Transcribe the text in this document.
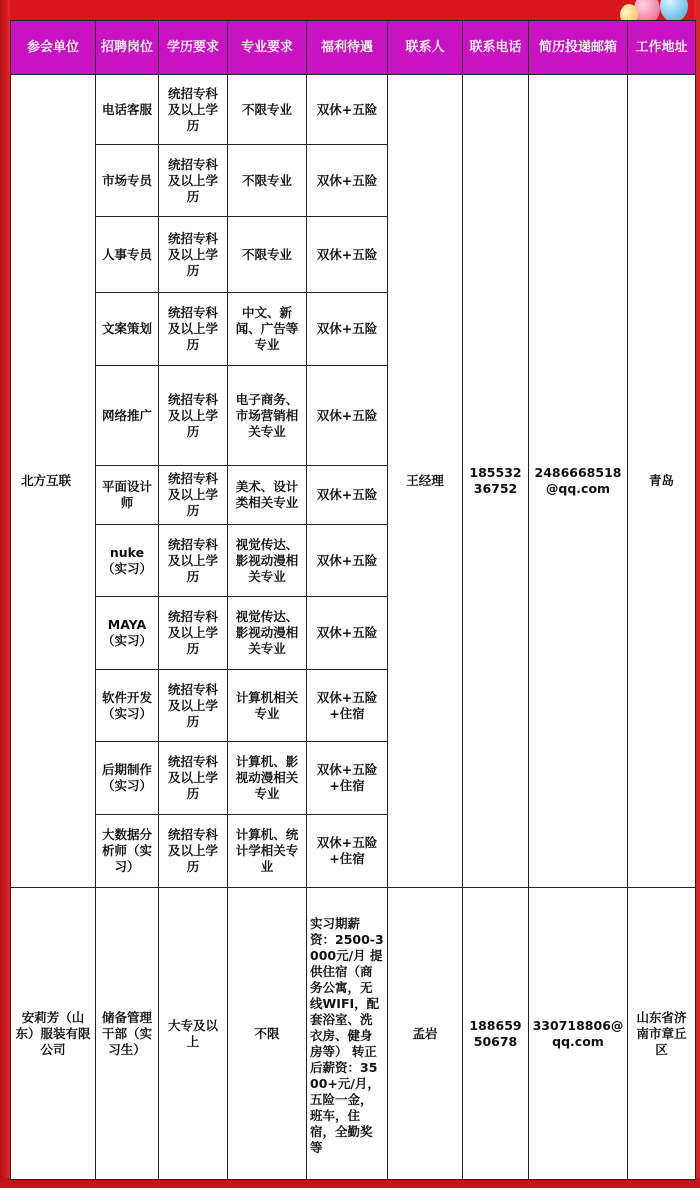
参会单位	招聘岗位	学历要求	专业要求	福利待遇	联系人	联系电话	简历投递邮箱	工作地址
北方互联	电话客服	统招专科及以上学历	不限专业	双休+五险	王经理	18553236752	2486668518@qq.com	青岛
	市场专员	统招专科及以上学历	不限专业	双休+五险				
	人事专员	统招专科及以上学历	不限专业	双休+五险				
	文案策划	统招专科及以上学历	中文、新闻、广告等专业	双休+五险				
	网络推广	统招专科及以上学历	电子商务、市场营销相关专业	双休+五险				
	平面设计师	统招专科及以上学历	美术、设计类相关专业	双休+五险				
	nuke（实习）	统招专科及以上学历	视觉传达、影视动漫相关专业	双休+五险				
	MAYA（实习）	统招专科及以上学历	视觉传达、影视动漫相关专业	双休+五险				
	软件开发（实习）	统招专科及以上学历	计算机相关专业	双休+五险+住宿				
	后期制作（实习）	统招专科及以上学历	计算机、影视动漫相关专业	双休+五险+住宿				
	大数据分析师（实习）	统招专科及以上学历	计算机、统计学相关专业	双休+五险+住宿				
安莉芳（山东）服装有限公司	储备管理干部（实习生）	大专及以上	不限	实习期薪资：2500-3000元/月 提供住宿（商务公寓，无线WIFI，配套浴室、洗衣房、健身房等） 转正后薪资：3500+元/月，五险一金，班车，住宿，全勤奖等	孟岩	18865950678	330718806@qq.com	山东省济南市章丘区
